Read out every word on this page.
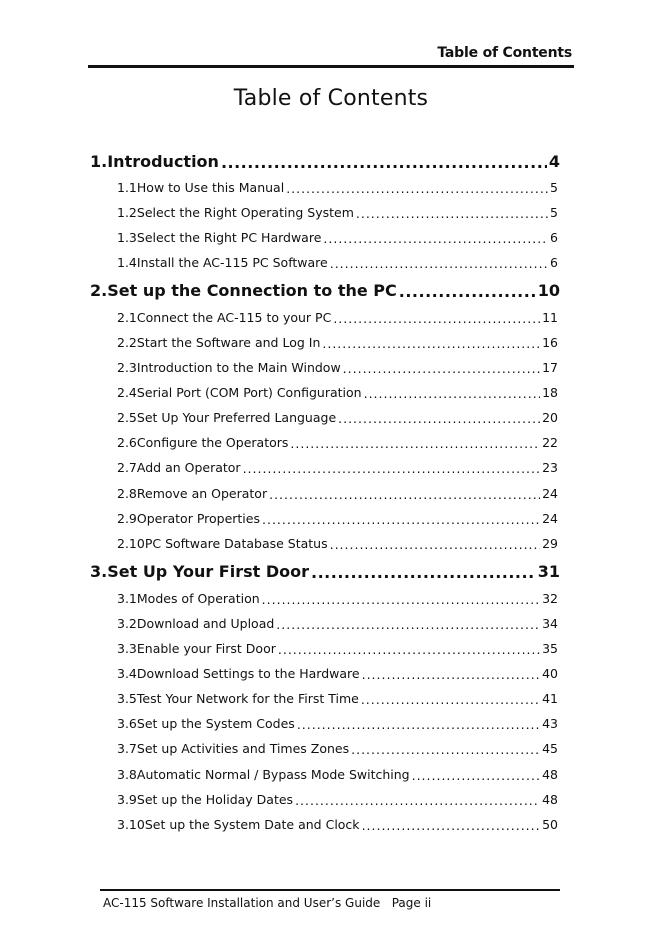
Table of Contents
Table of Contents
1. Introduction .....	4
1.1 How to Use this Manual .....	5
1.2 Select the Right Operating System .....	5
1.3 Select the Right PC Hardware .....	6
1.4 Install the AC-115 PC Software .....	6
2. Set up the Connection to the PC .....	10
2.1 Connect the AC-115 to your PC .....	11
2.2 Start the Software and Log In .....	16
2.3 Introduction to the Main Window .....	17
2.4 Serial Port (COM Port) Configuration .....	18
2.5 Set Up Your Preferred Language .....	20
2.6 Configure the Operators .....	22
2.7 Add an Operator .....	23
2.8 Remove an Operator .....	24
2.9 Operator Properties .....	24
2.10 PC Software Database Status .....	29
3. Set Up Your First Door .....	31
3.1 Modes of Operation .....	32
3.2 Download and Upload .....	34
3.3 Enable your First Door .....	35
3.4 Download Settings to the Hardware .....	40
3.5 Test Your Network for the First Time .....	41
3.6 Set up the System Codes .....	43
3.7 Set up Activities and Times Zones .....	45
3.8 Automatic Normal / Bypass Mode Switching .....	48
3.9 Set up the Holiday Dates .....	48
3.10 Set up the System Date and Clock .....	50
AC-115 Software Installation and User’s Guide   Page ii
